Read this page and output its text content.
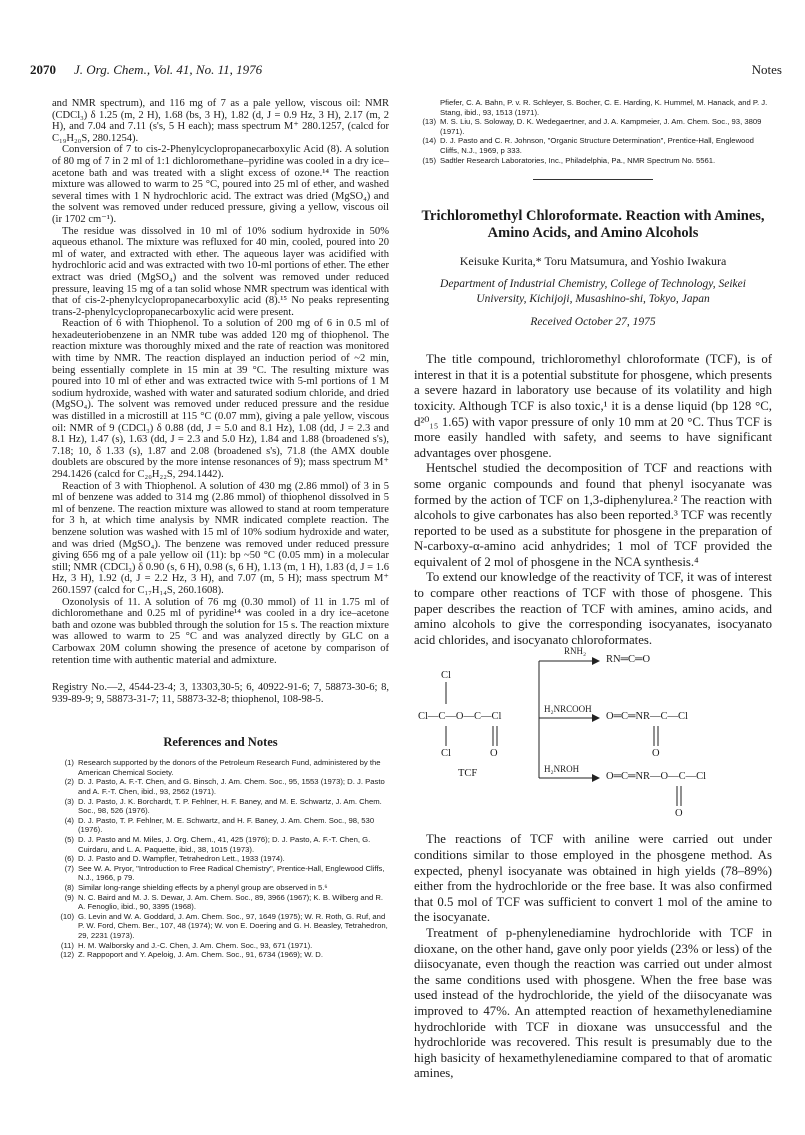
2070 J. Org. Chem., Vol. 41, No. 11, 1976	Notes

and NMR spectrum), and 116 mg of 7 as a pale yellow, viscous oil: NMR (CDCl₃) δ 1.25 (m, 2 H), 1.68 (bs, 3 H), 1.82 (d, J = 0.9 Hz, 3 H), 2.17 (m, 2 H), and 7.04 and 7.11 (s's, 5 H each); mass spectrum M⁺ 280.1257, (calcd for C₁₉H₂₀S, 280.1254).

Conversion of 7 to cis-2-Phenylcyclopropanecarboxylic Acid (8). A solution of 80 mg of 7 in 2 ml of 1:1 dichloromethane–pyridine was cooled in a dry ice–acetone bath and was treated with a slight excess of ozone.¹⁴ The reaction mixture was allowed to warm to 25 °C, poured into 25 ml of ether, and washed several times with 1 N hydrochloric acid. The extract was dried (MgSO₄) and the solvent was removed under reduced pressure, giving a yellow, viscous oil (ir 1702 cm⁻¹).

The residue was dissolved in 10 ml of 10% sodium hydroxide in 50% aqueous ethanol. The mixture was refluxed for 40 min, cooled, poured into 20 ml of water, and extracted with ether. The aqueous layer was acidified with hydrochloric acid and was extracted with two 10-ml portions of ether. The ether extract was dried (MgSO₄) and the solvent was removed under reduced pressure, leaving 15 mg of a tan solid whose NMR spectrum was identical with that of cis-2-phenylcyclopropanecarboxylic acid (8).¹⁵ No peaks representing trans-2-phenylcyclopropanecarboxylic acid were present.

Reaction of 6 with Thiophenol. To a solution of 200 mg of 6 in 0.5 ml of hexadeuteriobenzene in an NMR tube was added 120 mg of thiophenol. The reaction mixture was thoroughly mixed and the rate of reaction was monitored with time by NMR. The reaction displayed an induction period of ~2 min, being essentially complete in 15 min at 39 °C. The resulting mixture was poured into 10 ml of ether and was extracted twice with 5-ml portions of 1 M sodium hydroxide, washed with water and saturated sodium chloride, and dried (MgSO₄). The solvent was removed under reduced pressure and the residue was distilled in a microstill at 115 °C (0.07 mm), giving a pale yellow, viscous oil: NMR of 9 (CDCl₃) δ 0.88 (dd, J = 5.0 and 8.1 Hz), 1.08 (dd, J = 2.3 and 8.1 Hz), 1.47 (s), 1.63 (dd, J = 2.3 and 5.0 Hz), 1.84 and 1.88 (broadened s's), 7.18; 10, δ 1.33 (s), 1.87 and 2.08 (broadened s's), 71.8 (the AMX double doublets are obscured by the more intense resonances of 9); mass spectrum M⁺ 294.1426 (calcd for C₂₀H₂₂S, 294.1442).

Reaction of 3 with Thiophenol. A solution of 430 mg (2.86 mmol) of 3 in 5 ml of benzene was added to 314 mg (2.86 mmol) of thiophenol dissolved in 5 ml of benzene. The reaction mixture was allowed to stand at room temperature for 3 h, at which time analysis by NMR indicated complete reaction. The benzene solution was washed with 15 ml of 10% sodium hydroxide and water, and was dried (MgSO₄). The benzene was removed under reduced pressure giving 656 mg of a pale yellow oil (11): bp ~50 °C (0.05 mm) in a molecular still; NMR (CDCl₃) δ 0.90 (s, 6 H), 0.98 (s, 6 H), 1.13 (m, 1 H), 1.83 (d, J = 1.6 Hz, 3 H), 1.92 (d, J = 2.2 Hz, 3 H), and 7.07 (m, 5 H); mass spectrum M⁺ 260.1597 (calcd for C₁₇H₁₄S, 260.1608).

Ozonolysis of 11. A solution of 76 mg (0.30 mmol) of 11 in 1.75 ml of dichloromethane and 0.25 ml of pyridine¹⁴ was cooled in a dry ice–acetone bath and ozone was bubbled through the solution for 15 s. The reaction mixture was allowed to warm to 25 °C and was analyzed directly by GLC on a Carbowax 20M column showing the presence of acetone by comparison of retention time with authentic material and admixture.

Registry No.—2, 4544-23-4; 3, 13303,30-5; 6, 40922-91-6; 7, 58873-30-6; 8, 939-89-9; 9, 58873-31-7; 11, 58873-32-8; thiophenol, 108-98-5.

References and Notes
(1) Research supported by the donors of the Petroleum Research Fund, administered by the American Chemical Society.
(2) D. J. Pasto, A. F.-T. Chen, and G. Binsch, J. Am. Chem. Soc., 95, 1553 (1973); D. J. Pasto and A. F.-T. Chen, ibid., 93, 2562 (1971).
(3) D. J. Pasto, J. K. Borchardt, T. P. Fehlner, H. F. Baney, and M. E. Schwartz, J. Am. Chem. Soc., 98, 526 (1976).
(4) D. J. Pasto, T. P. Fehlner, M. E. Schwartz, and H. F. Baney, J. Am. Chem. Soc., 98, 530 (1976).
(5) D. J. Pasto and M. Miles, J. Org. Chem., 41, 425 (1976); D. J. Pasto, A. F.-T. Chen, G. Cuirdaru, and L. A. Paquette, ibid., 38, 1015 (1973).
(6) D. J. Pasto and D. Wampfler, Tetrahedron Lett., 1933 (1974).
(7) See W. A. Pryor, "Introduction to Free Radical Chemistry", Prentice-Hall, Englewood Cliffs, N.J., 1966, p 79.
(8) Similar long-range shielding effects by a phenyl group are observed in 5.⁶
(9) N. C. Baird and M. J. S. Dewar, J. Am. Chem. Soc., 89, 3966 (1967); K. B. Wilberg and R. A. Fenoglio, ibid., 90, 3395 (1968).
(10) G. Levin and W. A. Goddard, J. Am. Chem. Soc., 97, 1649 (1975); W. R. Roth, G. Ruf, and P. W. Ford, Chem. Ber., 107, 48 (1974); W. von E. Doering and G. H. Beasley, Tetrahedron, 29, 2231 (1973).
(11) H. M. Walborsky and J.-C. Chen, J. Am. Chem. Soc., 93, 671 (1971).
(12) Z. Rappoport and Y. Apeloig, J. Am. Chem. Soc., 91, 6734 (1969); W. D.
Pfiefer, C. A. Bahn, P. v. R. Schleyer, S. Bocher, C. E. Harding, K. Hummel, M. Hanack, and P. J. Stang, ibid., 93, 1513 (1971).
(13) M. S. Liu, S. Soloway, D. K. Wedegaertner, and J. A. Kampmeier, J. Am. Chem. Soc., 93, 3809 (1971).
(14) D. J. Pasto and C. R. Johnson, "Organic Structure Determination", Prentice-Hall, Englewood Cliffs, N.J., 1969, p 333.
(15) Sadtler Research Laboratories, Inc., Philadelphia, Pa., NMR Spectrum No. 5561.
Trichloromethyl Chloroformate. Reaction with Amines, Amino Acids, and Amino Alcohols
Keisuke Kurita,* Toru Matsumura, and Yoshio Iwakura
Department of Industrial Chemistry, College of Technology, Seikei University, Kichijoji, Musashino-shi, Tokyo, Japan
Received October 27, 1975

The title compound, trichloromethyl chloroformate (TCF), is of interest in that it is a potential substitute for phosgene, which presents a severe hazard in laboratory use because of its volatility and high toxicity. Although TCF is also toxic,¹ it is a dense liquid (bp 128 °C, d²⁰₁₅ 1.65) with vapor pressure of only 10 mm at 20 °C. Thus TCF is more easily handled with safety, and seems to have significant advantages over phosgene.

Hentschel studied the decomposition of TCF and reactions with some organic compounds and found that phenyl isocyanate was formed by the action of TCF on 1,3-diphenylurea.² The reaction with alcohols to give carbonates has also been reported.³ TCF was recently reported to be used as a substitute for phosgene in the preparation of N-carboxy-α-amino acid anhydrides; 1 mol of TCF provided the equivalent of 2 mol of phosgene in the NCA synthesis.⁴

To extend our knowledge of the reactivity of TCF, it was of interest to compare other reactions of TCF with those of phosgene. This paper describes the reaction of TCF with amines, amino acids, and amino alcohols to give the corresponding isocyanates, isocyanato acid chlorides, and isocyanato chloroformates.

RNH₂
H₂NRCOOH
H₂NROH
RN═C═O
O═C═NR—C—Cl
O
O═C═NR—O—C—Cl
O
Cl
Cl—C—O—C—Cl
Cl	O
TCF

The reactions of TCF with aniline were carried out under conditions similar to those employed in the phosgene method. As expected, phenyl isocyanate was obtained in high yields (78–89%) either from the hydrochloride or the free base. It was also confirmed that 0.5 mol of TCF was sufficient to convert 1 mol of the amine to the isocyanate.

Treatment of p-phenylenediamine hydrochloride with TCF in dioxane, on the other hand, gave only poor yields (23% or less) of the diisocyanate, even though the reaction was carried out under almost the same conditions used with phosgene. When the free base was used instead of the hydrochloride, the yield of the diisocyanate was improved to 47%. An attempted reaction of hexamethylenediamine hydrochloride with TCF in dioxane was unsuccessful and the hydrochloride was recovered. This result is presumably due to the high basicity of hexamethylenediamine compared to that of aromatic amines,
